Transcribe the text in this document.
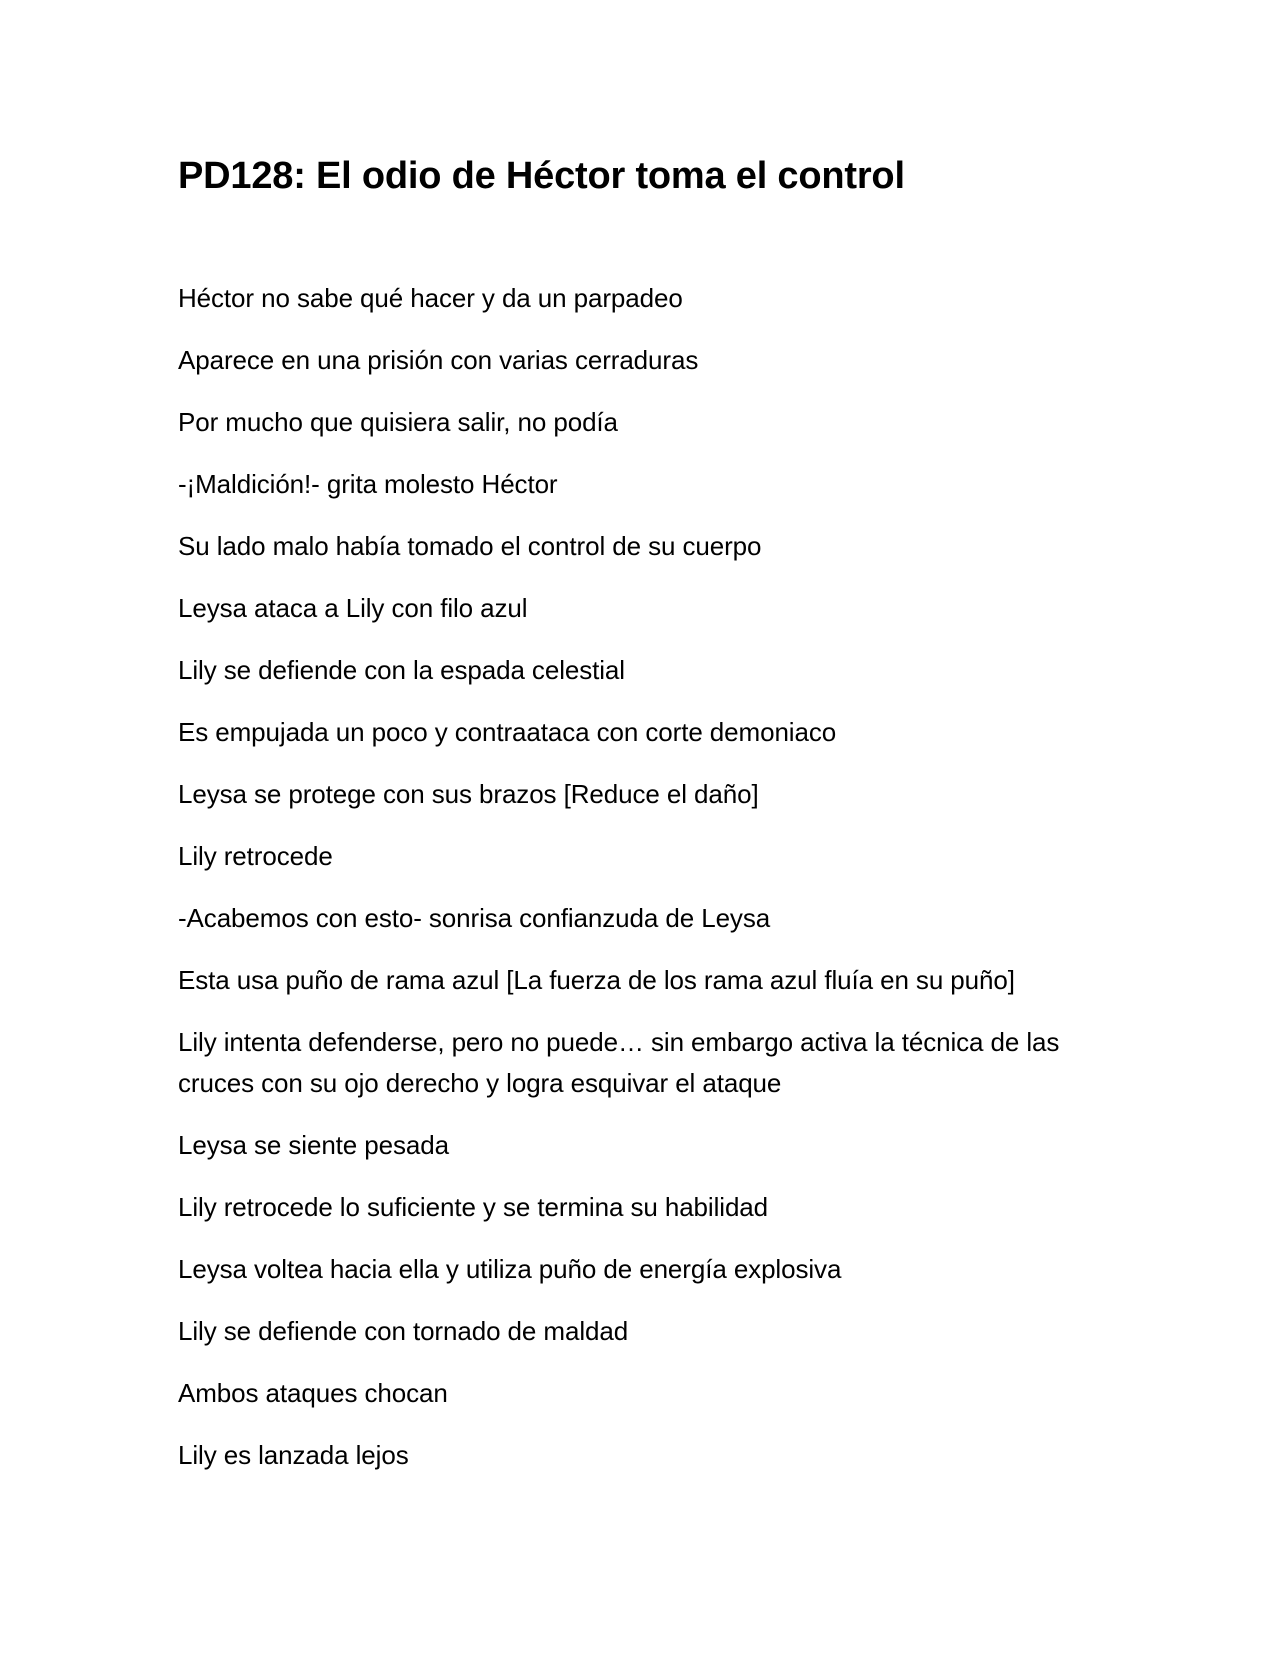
PD128: El odio de Héctor toma el control

Héctor no sabe qué hacer y da un parpadeo

Aparece en una prisión con varias cerraduras

Por mucho que quisiera salir, no podía

-¡Maldición!- grita molesto Héctor

Su lado malo había tomado el control de su cuerpo

Leysa ataca a Lily con filo azul

Lily se defiende con la espada celestial

Es empujada un poco y contraataca con corte demoniaco

Leysa se protege con sus brazos [Reduce el daño]

Lily retrocede

-Acabemos con esto- sonrisa confianzuda de Leysa

Esta usa puño de rama azul [La fuerza de los rama azul fluía en su puño]

Lily intenta defenderse, pero no puede… sin embargo activa la técnica de las cruces con su ojo derecho y logra esquivar el ataque

Leysa se siente pesada

Lily retrocede lo suficiente y se termina su habilidad

Leysa voltea hacia ella y utiliza puño de energía explosiva

Lily se defiende con tornado de maldad

Ambos ataques chocan

Lily es lanzada lejos
